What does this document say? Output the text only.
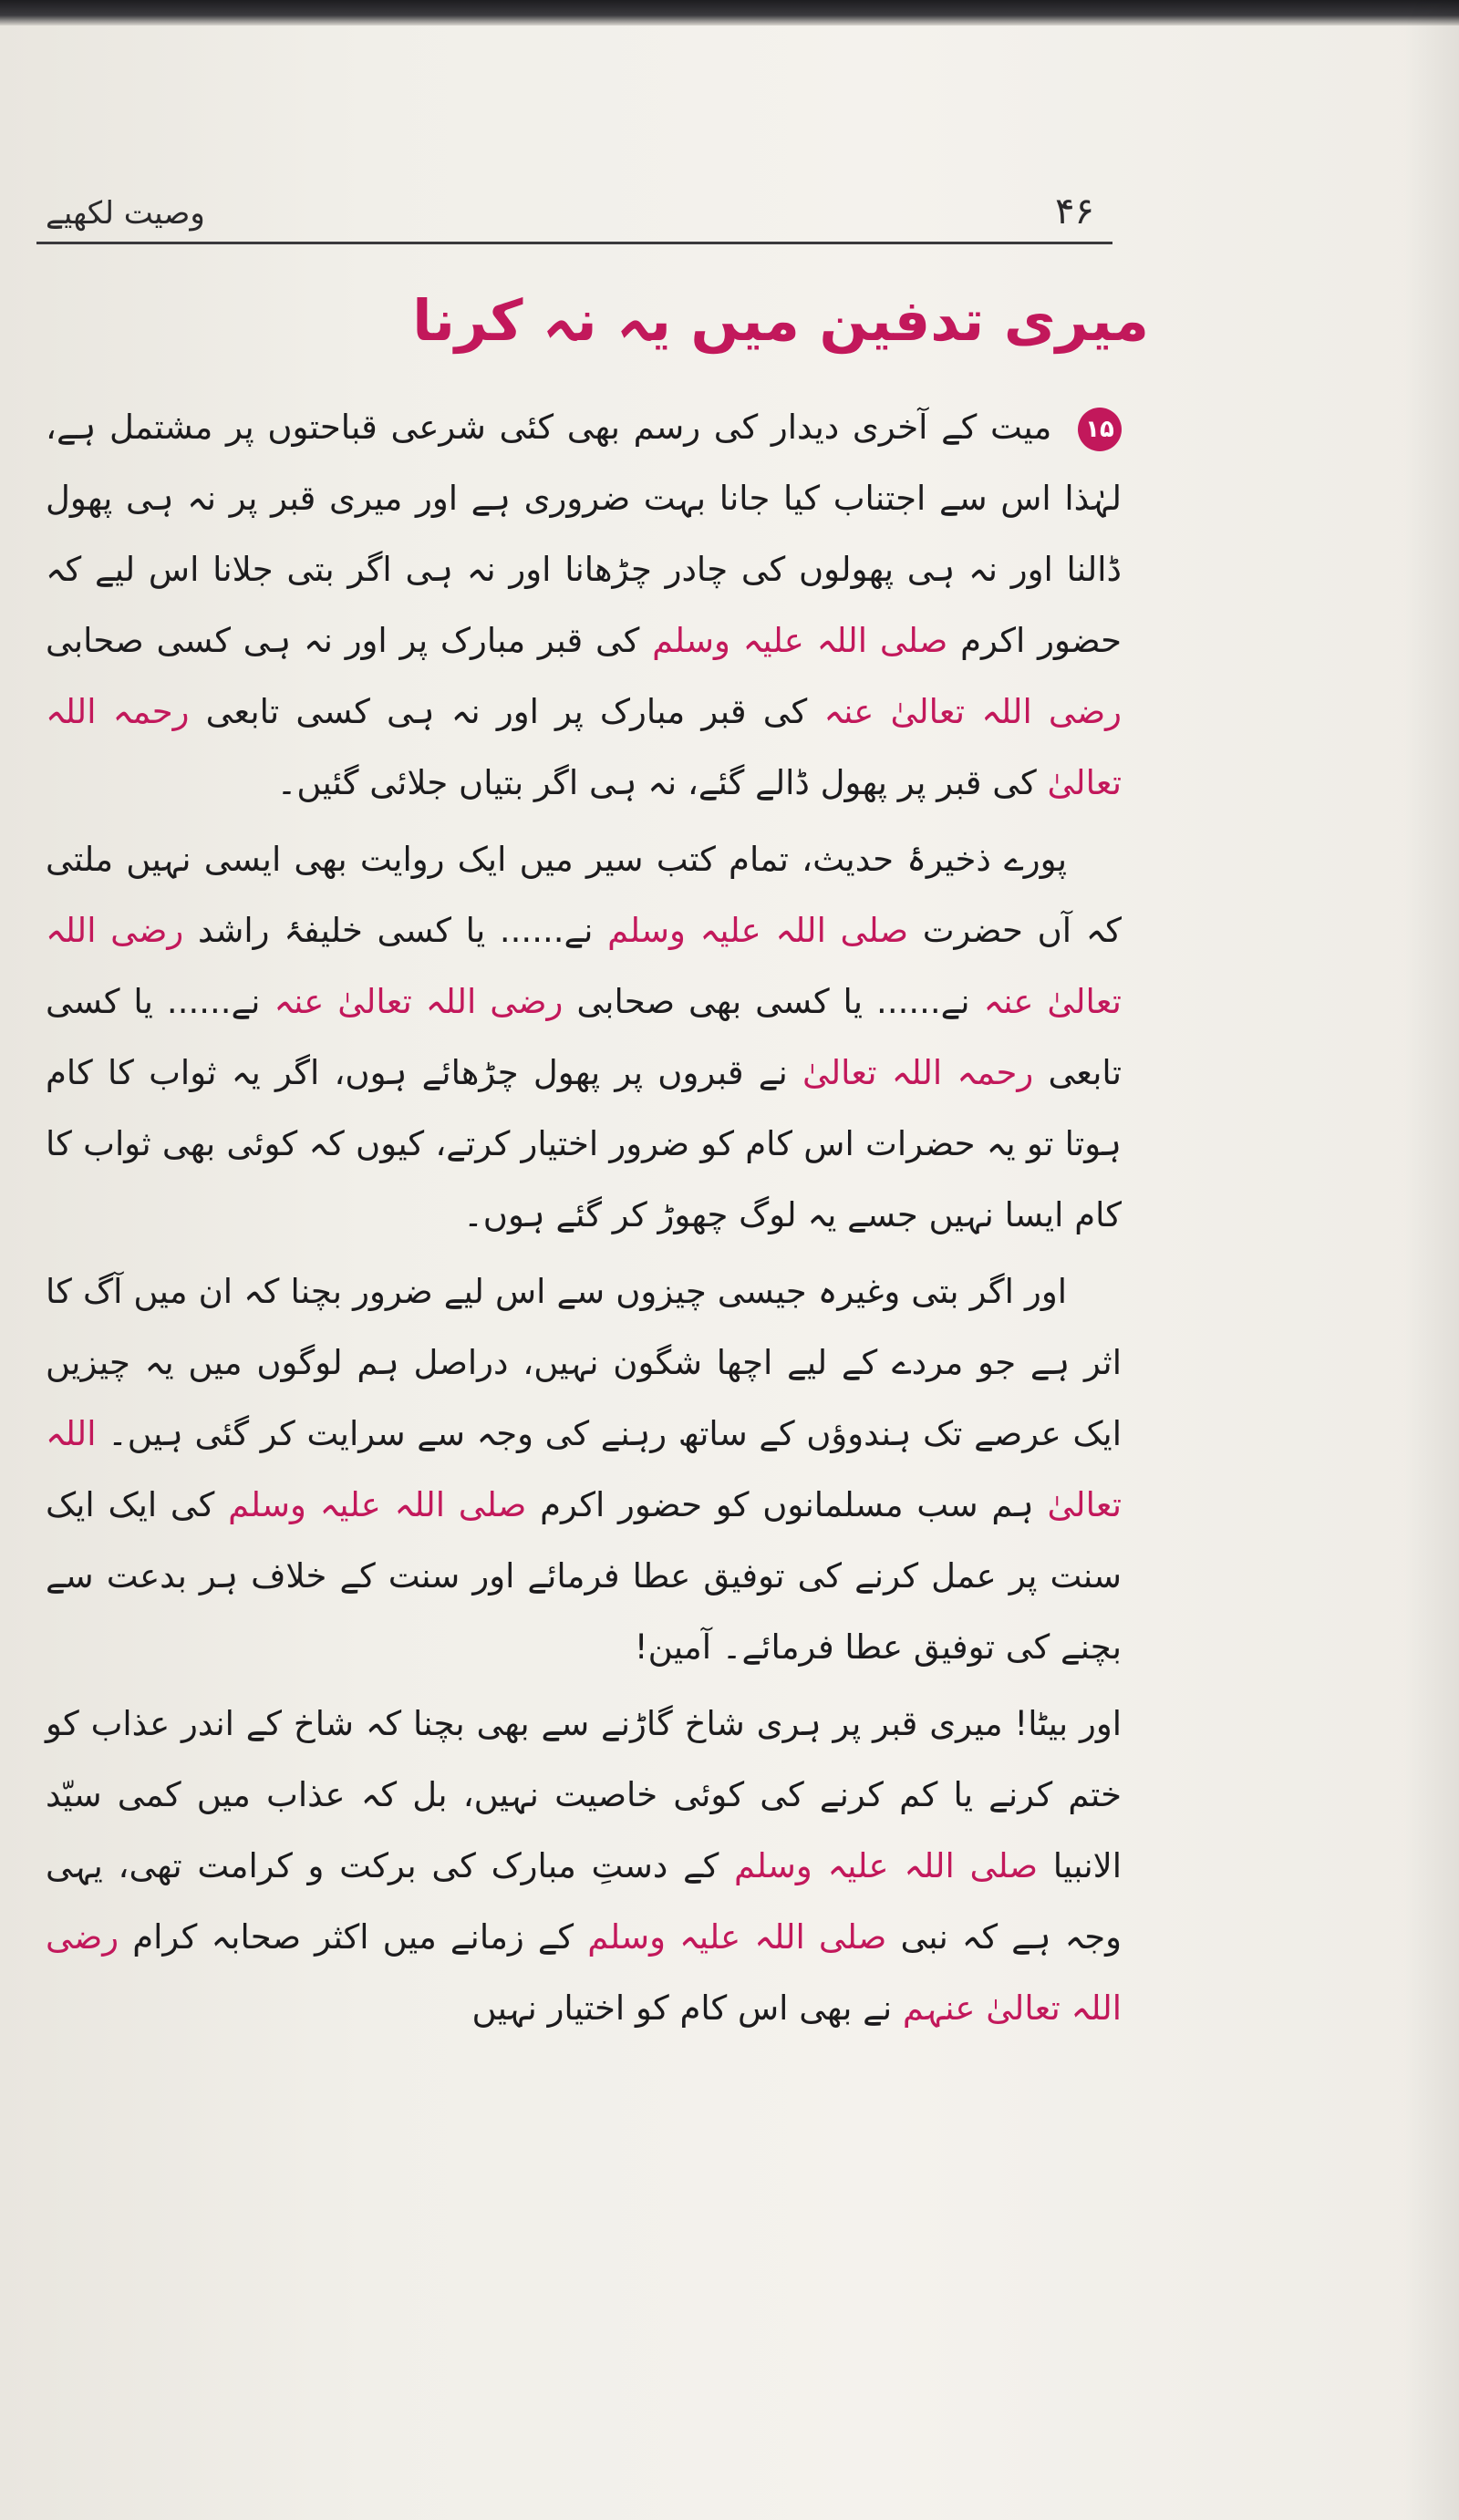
وصیت لکھیے	۴۶
میری تدفین میں یہ نہ کرنا

۱۵ میت کے آخری دیدار کی رسم بھی کئی شرعی قباحتوں پر مشتمل ہے، لہٰذا اس سے اجتناب کیا جانا بہت ضروری ہے اور میری قبر پر نہ ہی پھول ڈالنا اور نہ ہی پھولوں کی چادر چڑھانا اور نہ ہی اگر بتی جلانا اس لیے کہ حضور اکرم صلی اللہ علیہ وسلم کی قبر مبارک پر اور نہ ہی کسی صحابی رضی اللہ تعالیٰ عنہ کی قبر مبارک پر اور نہ ہی کسی تابعی رحمہ اللہ تعالیٰ کی قبر پر پھول ڈالے گئے، نہ ہی اگر بتیاں جلائی گئیں۔

پورے ذخیرۂ حدیث، تمام کتب سیر میں ایک روایت بھی ایسی نہیں ملتی کہ آں حضرت صلی اللہ علیہ وسلم نے...... یا کسی خلیفۂ راشد رضی اللہ تعالیٰ عنہ نے...... یا کسی بھی صحابی رضی اللہ تعالیٰ عنہ نے...... یا کسی تابعی رحمہ اللہ تعالیٰ نے قبروں پر پھول چڑھائے ہوں، اگر یہ ثواب کا کام ہوتا تو یہ حضرات اس کام کو ضرور اختیار کرتے، کیوں کہ کوئی بھی ثواب کا کام ایسا نہیں جسے یہ لوگ چھوڑ کر گئے ہوں۔

اور اگر بتی وغیرہ جیسی چیزوں سے اس لیے ضرور بچنا کہ ان میں آگ کا اثر ہے جو مردے کے لیے اچھا شگون نہیں، دراصل ہم لوگوں میں یہ چیزیں ایک عرصے تک ہندوؤں کے ساتھ رہنے کی وجہ سے سرایت کر گئی ہیں۔ اللہ تعالیٰ ہم سب مسلمانوں کو حضور اکرم صلی اللہ علیہ وسلم کی ایک ایک سنت پر عمل کرنے کی توفیق عطا فرمائے اور سنت کے خلاف ہر بدعت سے بچنے کی توفیق عطا فرمائے۔ آمین!

اور بیٹا! میری قبر پر ہری شاخ گاڑنے سے بھی بچنا کہ شاخ کے اندر عذاب کو ختم کرنے یا کم کرنے کی کوئی خاصیت نہیں، بل کہ عذاب میں کمی سیّد الانبیا صلی اللہ علیہ وسلم کے دستِ مبارک کی برکت و کرامت تھی، یہی وجہ ہے کہ نبی صلی اللہ علیہ وسلم کے زمانے میں اکثر صحابہ کرام رضی اللہ تعالیٰ عنہم نے بھی اس کام کو اختیار نہیں
